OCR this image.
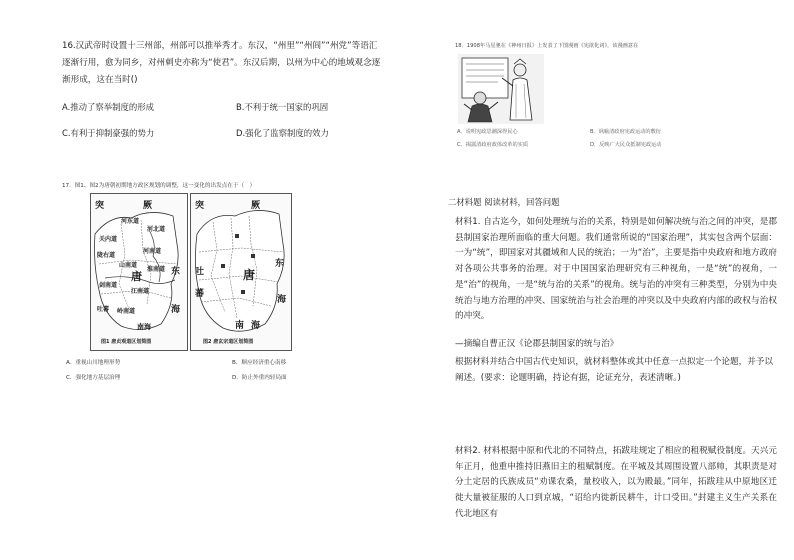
16.汉武帝时设置十三州部，州部可以推举秀才。东汉，“州里”“州闾”“州党”等语汇逐渐行用，愈为同乡，对州刺史亦称为“使君”。东汉后期，以州为中心的地域观念逐渐形成，这在当时()
A.推动了察举制度的形成	B.不利于统一国家的巩固
C.有利于抑制豪强的势力	D.强化了监察制度的效力
18．1908年马星驰在《神州日报》上发表了下图漫画《宪欲化词》，该漫画意在
A．说明宪政思潮深得民心	B．讽喻清政府宪政运动的敷衍
C．揭露清政府政体改革的实质	D．反映广大民众抵制宪政运动
17．图1、图2为唐朝初期地方政区规划的调整，这一变化的出发点在于（　）
突	厥
河东道
关内道
河北道
河南道
陇右道
淮南道
山南道
江南道
剑南道
岭南道
唐	东
海
南海
吐蕃
图1 唐贞观道区划简图
突	厥
唐
东
海
南 海
吐
蕃
图2 唐玄宗道区划简图
A．重视山川地理形势	B．顺应经济重心南移
C．强化地方基层治理	D．防止外重内轻局面
二材料题 阅读材料，回答问题
材料1. 自古迄今，如何处理统与治的关系，特别是如何解决统与治之间的冲突，是郡县制国家治理所面临的重大问题。我们通常所说的“国家治理”，其实包含两个层面：一为“统”，即国家对其疆域和人民的统治；一为“治”，主要是指中央政府和地方政府对各项公共事务的治理。对于中国国家治理研究有三种视角，一是“统”的视角，一是“治”的视角，一是“统与治的关系”的视角。统与治的冲突有三种类型，分别为中央统治与地方治理的冲突、国家统治与社会治理的冲突以及中央政府内部的政权与治权的冲突。
—摘编自曹正汉《论郡县制国家的统与治》
根据材料并结合中国古代史知识，就材料整体或其中任意一点拟定一个论题，并予以阐述。(要求：论题明确，持论有据，论证充分，表述清晰。)
材料2. 材料根据中原和代北的不同特点，拓跋珪规定了相应的租税赋役制度。天兴元年正月，他重申推持旧燕旧主的租赋制度。在平城及其周围设置八部帅，其职责是对分土定居的氏族成员“劝课农桑，量校收入，以为殿最。”同年，拓跋珪从中原地区迁徙大量被征服的人口到京城，“诏给内徙新民耕牛，计口受田。”封建主义生产关系在代北地区有
